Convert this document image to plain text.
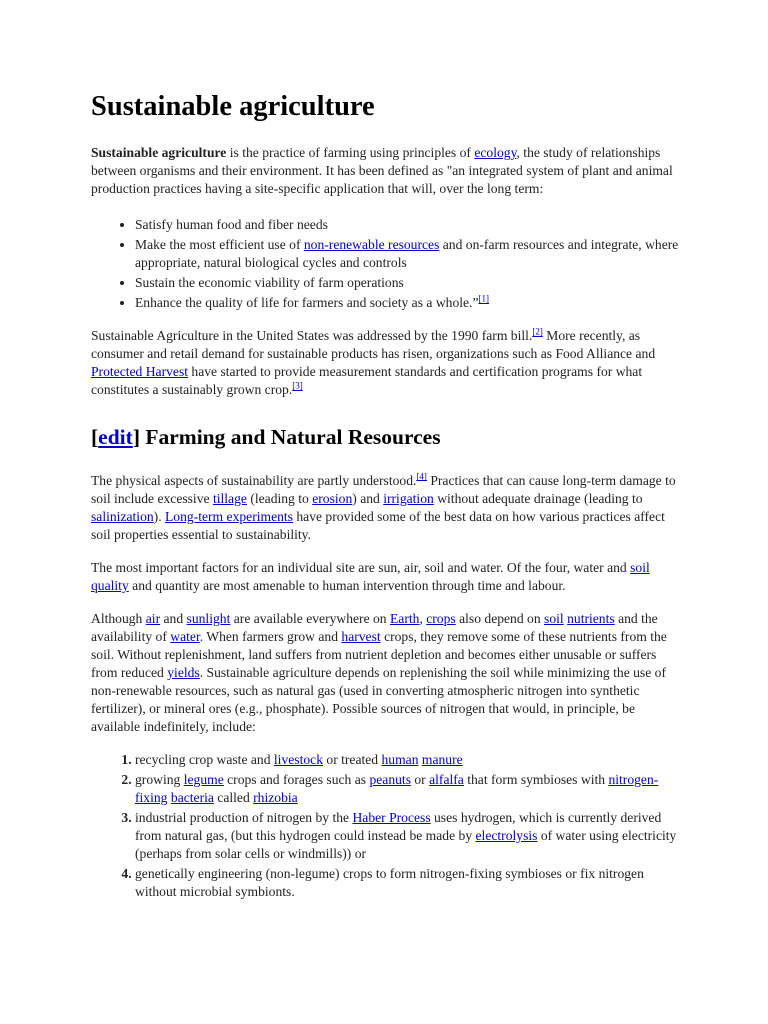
Sustainable agriculture

Sustainable agriculture is the practice of farming using principles of ecology, the study of relationships between organisms and their environment. It has been defined as "an integrated system of plant and animal production practices having a site-specific application that will, over the long term:

• Satisfy human food and fiber needs
• Make the most efficient use of non-renewable resources and on-farm resources and integrate, where appropriate, natural biological cycles and controls
• Sustain the economic viability of farm operations
• Enhance the quality of life for farmers and society as a whole.”[1]

Sustainable Agriculture in the United States was addressed by the 1990 farm bill.[2] More recently, as consumer and retail demand for sustainable products has risen, organizations such as Food Alliance and Protected Harvest have started to provide measurement standards and certification programs for what constitutes a sustainably grown crop.[3]

[edit] Farming and Natural Resources

The physical aspects of sustainability are partly understood.[4] Practices that can cause long-term damage to soil include excessive tillage (leading to erosion) and irrigation without adequate drainage (leading to salinization). Long-term experiments have provided some of the best data on how various practices affect soil properties essential to sustainability.

The most important factors for an individual site are sun, air, soil and water. Of the four, water and soil quality and quantity are most amenable to human intervention through time and labour.

Although air and sunlight are available everywhere on Earth, crops also depend on soil nutrients and the availability of water. When farmers grow and harvest crops, they remove some of these nutrients from the soil. Without replenishment, land suffers from nutrient depletion and becomes either unusable or suffers from reduced yields. Sustainable agriculture depends on replenishing the soil while minimizing the use of non-renewable resources, such as natural gas (used in converting atmospheric nitrogen into synthetic fertilizer), or mineral ores (e.g., phosphate). Possible sources of nitrogen that would, in principle, be available indefinitely, include:

1. recycling crop waste and livestock or treated human manure
2. growing legume crops and forages such as peanuts or alfalfa that form symbioses with nitrogen-fixing bacteria called rhizobia
3. industrial production of nitrogen by the Haber Process uses hydrogen, which is currently derived from natural gas, (but this hydrogen could instead be made by electrolysis of water using electricity (perhaps from solar cells or windmills)) or
4. genetically engineering (non-legume) crops to form nitrogen-fixing symbioses or fix nitrogen without microbial symbionts.
